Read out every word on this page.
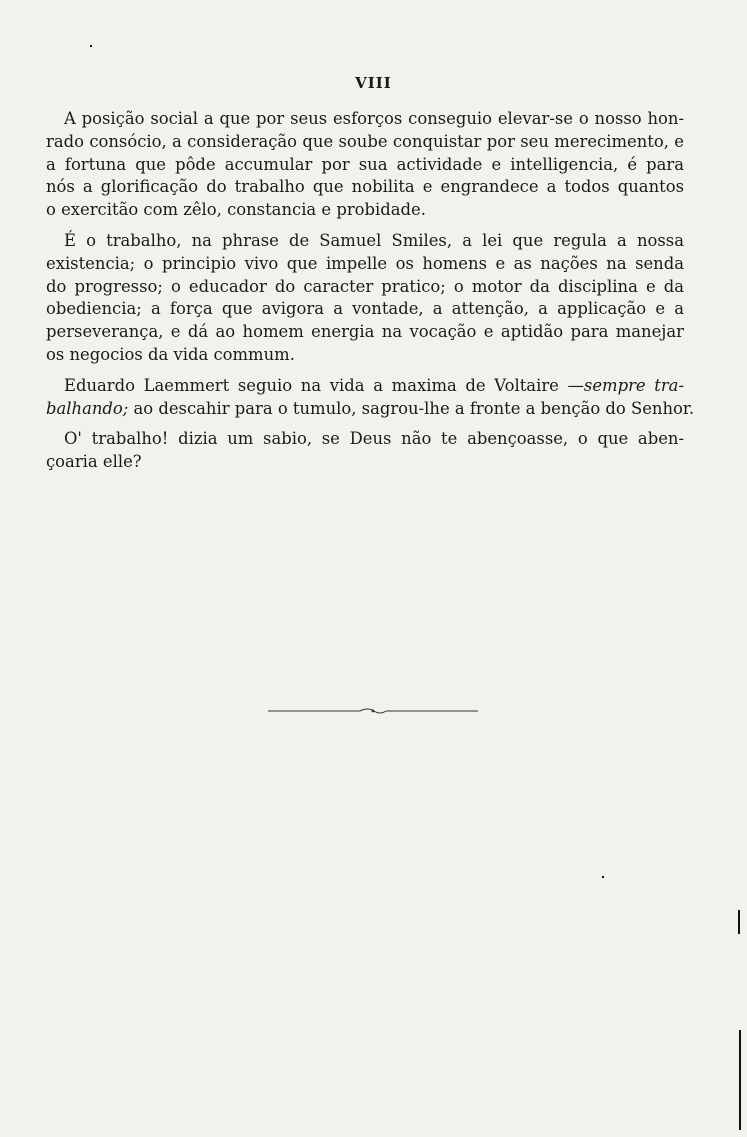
VIII

A posição social a que por seus esforços conseguio elevar-se o nosso hon-
rado consócio, a consideração que soube conquistar por seu merecimento, e
a fortuna que pôde accumular por sua actividade e intelligencia, é para
nós a glorificação do trabalho que nobilita e engrandece a todos quantos
o exercitão com zêlo, constancia e probidade.

É o trabalho, na phrase de Samuel Smiles, a lei que regula a nossa
existencia; o principio vivo que impelle os homens e as nações na senda
do progresso; o educador do caracter pratico; o motor da disciplina e da
obediencia; a força que avigora a vontade, a attenção, a applicação e a
perseverança, e dá ao homem energia na vocação e aptidão para manejar
os negocios da vida commum.

Eduardo Laemmert seguio na vida a maxima de Voltaire —sempre tra-
balhando; ao descahir para o tumulo, sagrou-lhe a fronte a benção do Senhor.

O' trabalho! dizia um sabio, se Deus não te abençoasse, o que aben-
çoaria elle?
